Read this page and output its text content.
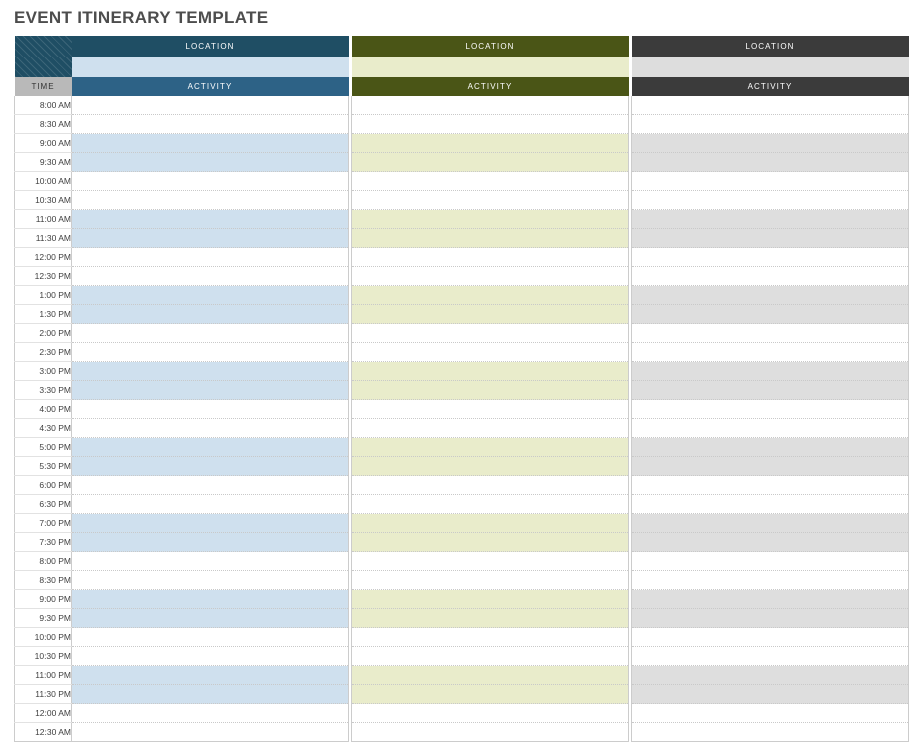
EVENT ITINERARY TEMPLATE
	LOCATION		LOCATION		LOCATION

TIME	ACTIVITY		ACTIVITY		ACTIVITY
8:00 AM					
8:30 AM					
9:00 AM					
9:30 AM					
10:00 AM					
10:30 AM					
11:00 AM					
11:30 AM					
12:00 PM					
12:30 PM					
1:00 PM					
1:30 PM					
2:00 PM					
2:30 PM					
3:00 PM					
3:30 PM					
4:00 PM					
4:30 PM					
5:00 PM					
5:30 PM					
6:00 PM					
6:30 PM					
7:00 PM					
7:30 PM					
8:00 PM					
8:30 PM					
9:00 PM					
9:30 PM					
10:00 PM					
10:30 PM					
11:00 PM					
11:30 PM					
12:00 AM					
12:30 AM					
